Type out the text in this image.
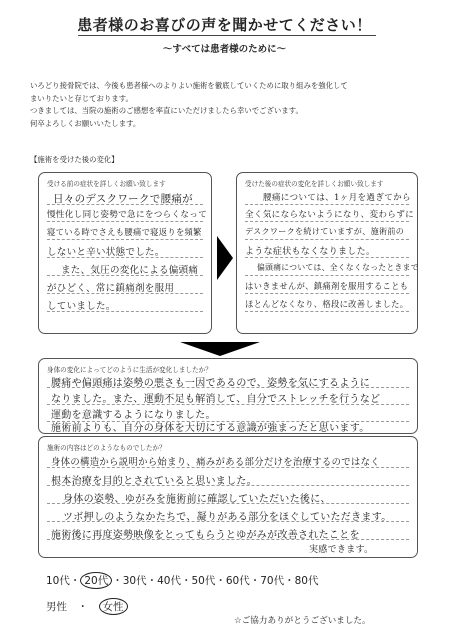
患者様のお喜びの声を聞かせてください！
～すべては患者様のために～
いろどり接骨院では、今後も患者様へのよりよい施術を徹底していくために取り組みを強化して
まいりたいと存じております。
つきましては、当院の施術のご感想を率直にいただけましたら幸いでございます。
何卒よろしくお願いいたします。
【施術を受けた後の変化】
受ける前の症状を詳しくお願い致します
日々のデスクワークで腰痛が
慢性化し同じ姿勢で急にをつらくなって
寝ている時でさえも腰痛で寝返りを頻繁
しないと辛い状態でした。
また、気圧の変化による偏頭痛
がひどく、常に鎮痛剤を服用
していました。
受けた後の症状の変化を詳しくお願い致します
腰痛については、1ヶ月を過ぎてから
全く気にならないようになり、変わらずに
デスクワークを続けていますが、施術前の
ような症状もなくなりました。
偏頭痛については、全くなくなったときまで
はいきませんが、鎮痛剤を服用することも
ほとんどなくなり、格段に改善しました。
身体の変化によってどのように生活が変化しましたか？
腰痛や偏頭痛は姿勢の悪さも一因であるので、姿勢を気にするように
なりました。また、運動不足も解消して、自分でストレッチを行うなど
運動を意識するようになりました。
施術前よりも、自分の身体を大切にする意識が強まったと思います。
施術の内容はどのようなものでしたか？
身体の構造から説明から始まり、痛みがある部分だけを治療するのではなく
根本治療を目的とされていると思いました。
身体の姿勢、ゆがみを施術前に確認していただいた後に、
ツボ押しのようなかたちで、凝りがある部分をほぐしていただきます。
施術後に再度姿勢映像をとってもらうとゆがみが改善されたことを
実感できます。
10代・ 20代 ・30代・40代・50代・60代・70代・80代
男性　・　女性
☆ご協力ありがとうございました。
